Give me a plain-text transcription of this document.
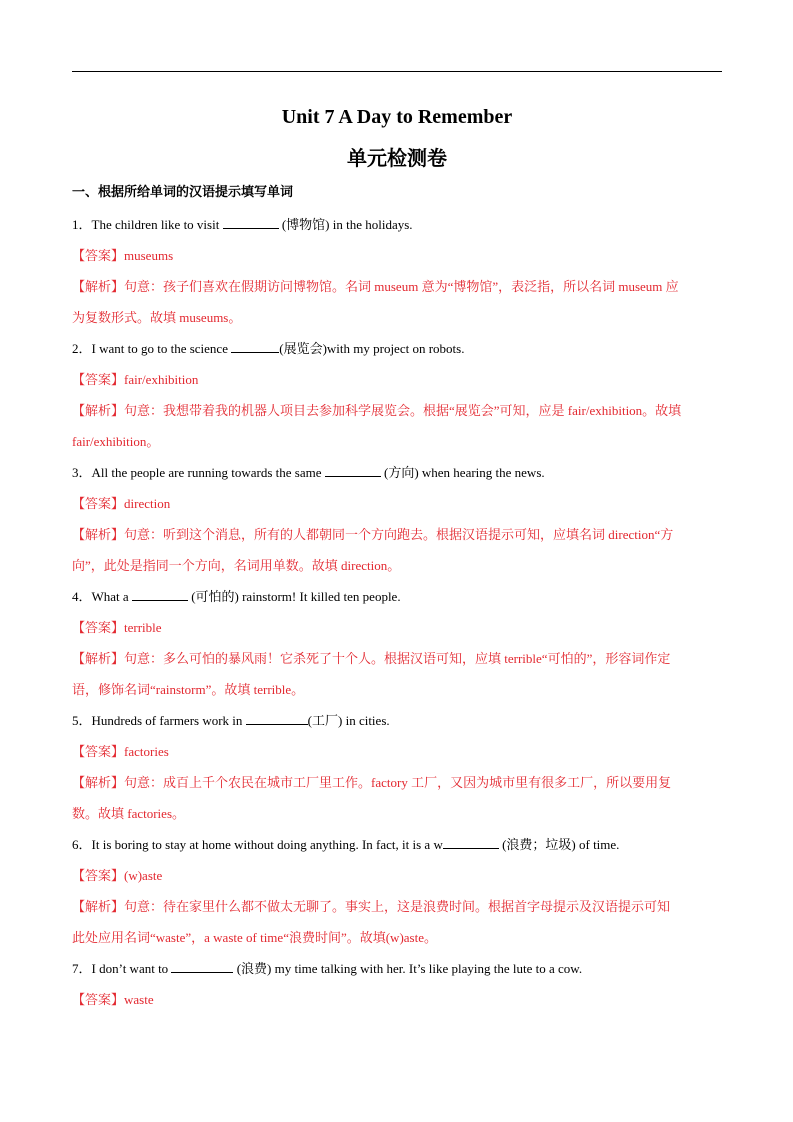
Unit 7 A Day to Remember
单元检测卷
一、根据所给单词的汉语提示填写单词
1．The children like to visit	(博物馆) in the holidays.
【答案】museums
【解析】句意：孩子们喜欢在假期访问博物馆。名词 museum 意为“博物馆”，表泛指，所以名词 museum 应
为复数形式。故填 museums。
2．I want to go to the science	(展览会)with my project on robots.
【答案】fair/exhibition
【解析】句意：我想带着我的机器人项目去参加科学展览会。根据“展览会”可知，应是 fair/exhibition。故填
fair/exhibition。
3．All the people are running towards the same	(方向) when hearing the news.
【答案】direction
【解析】句意：听到这个消息，所有的人都朝同一个方向跑去。根据汉语提示可知，应填名词 direction“方
向”，此处是指同一个方向，名词用单数。故填 direction。
4．What a	(可怕的) rainstorm! It killed ten people.
【答案】terrible
【解析】句意：多么可怕的暴风雨！它杀死了十个人。根据汉语可知，应填 terrible“可怕的”，形容词作定
语，修饰名词“rainstorm”。故填 terrible。
5．Hundreds of farmers work in	(工厂) in cities.
【答案】factories
【解析】句意：成百上千个农民在城市工厂里工作。factory 工厂，又因为城市里有很多工厂，所以要用复
数。故填 factories。
6．It is boring to stay at home without doing anything. In fact, it is a w	(浪费；垃圾) of time.
【答案】(w)aste
【解析】句意：待在家里什么都不做太无聊了。事实上，这是浪费时间。根据首字母提示及汉语提示可知
此处应用名词“waste”，a waste of time“浪费时间”。故填(w)aste。
7．I don’t want to	(浪费) my time talking with her. It’s like playing the lute to a cow.
【答案】waste
